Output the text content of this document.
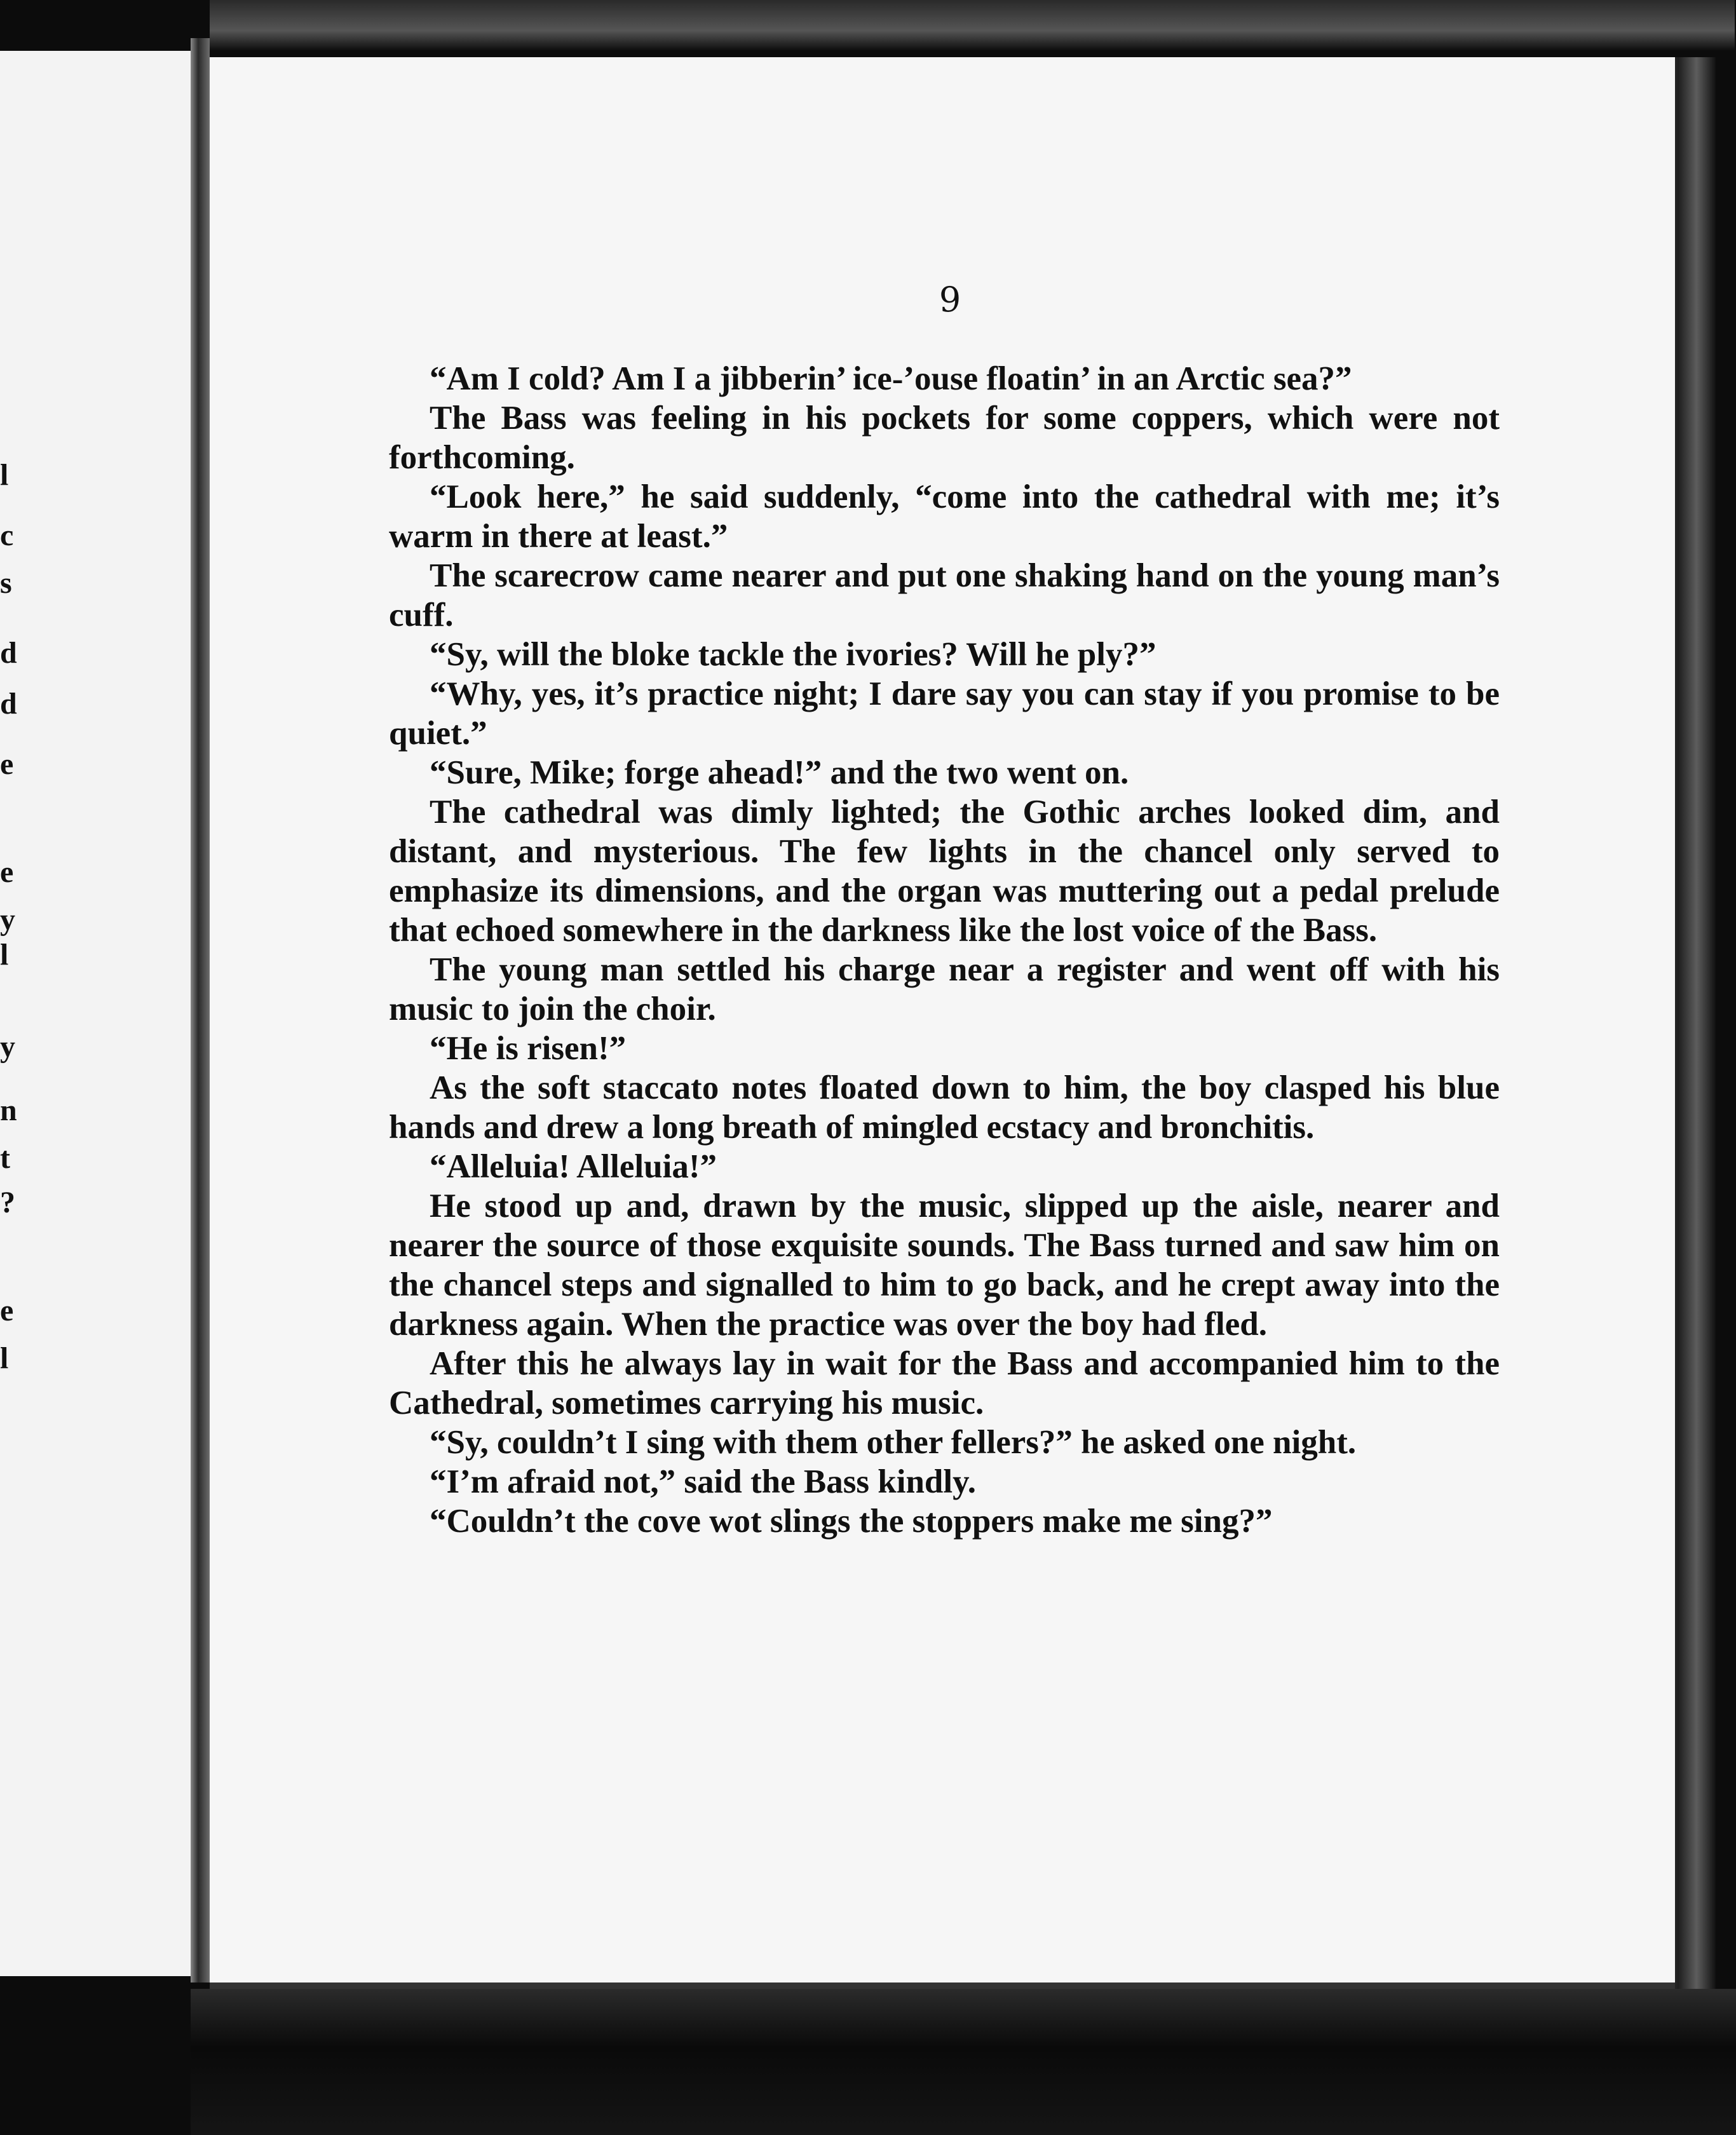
l
c
s
d
d
e
e
y
l
y
n
t
?
e
l
9

“Am I cold? Am I a jibberin’ ice-’ouse floatin’ in an Arctic sea?”

The Bass was feeling in his pockets for some coppers, which were not forthcoming.

“Look here,” he said suddenly, “come into the cathedral with me; it’s warm in there at least.”

The scarecrow came nearer and put one shaking hand on the young man’s cuff.

“Sy, will the bloke tackle the ivories? Will he ply?”

“Why, yes, it’s practice night; I dare say you can stay if you promise to be quiet.”

“Sure, Mike; forge ahead!” and the two went on.

The cathedral was dimly lighted; the Gothic arches looked dim, and distant, and mysterious. The few lights in the chancel only served to emphasize its dimensions, and the organ was muttering out a pedal prelude that echoed somewhere in the darkness like the lost voice of the Bass.

The young man settled his charge near a register and went off with his music to join the choir.

“He is risen!”

As the soft staccato notes floated down to him, the boy clasped his blue hands and drew a long breath of mingled ecstacy and bronchitis.

“Alleluia! Alleluia!”

He stood up and, drawn by the music, slipped up the aisle, nearer and nearer the source of those exquisite sounds. The Bass turned and saw him on the chancel steps and signalled to him to go back, and he crept away into the darkness again. When the practice was over the boy had fled.

After this he always lay in wait for the Bass and accompanied him to the Cathedral, sometimes carrying his music.

“Sy, couldn’t I sing with them other fellers?” he asked one night.

“I’m afraid not,” said the Bass kindly.

“Couldn’t the cove wot slings the stoppers make me sing?”
